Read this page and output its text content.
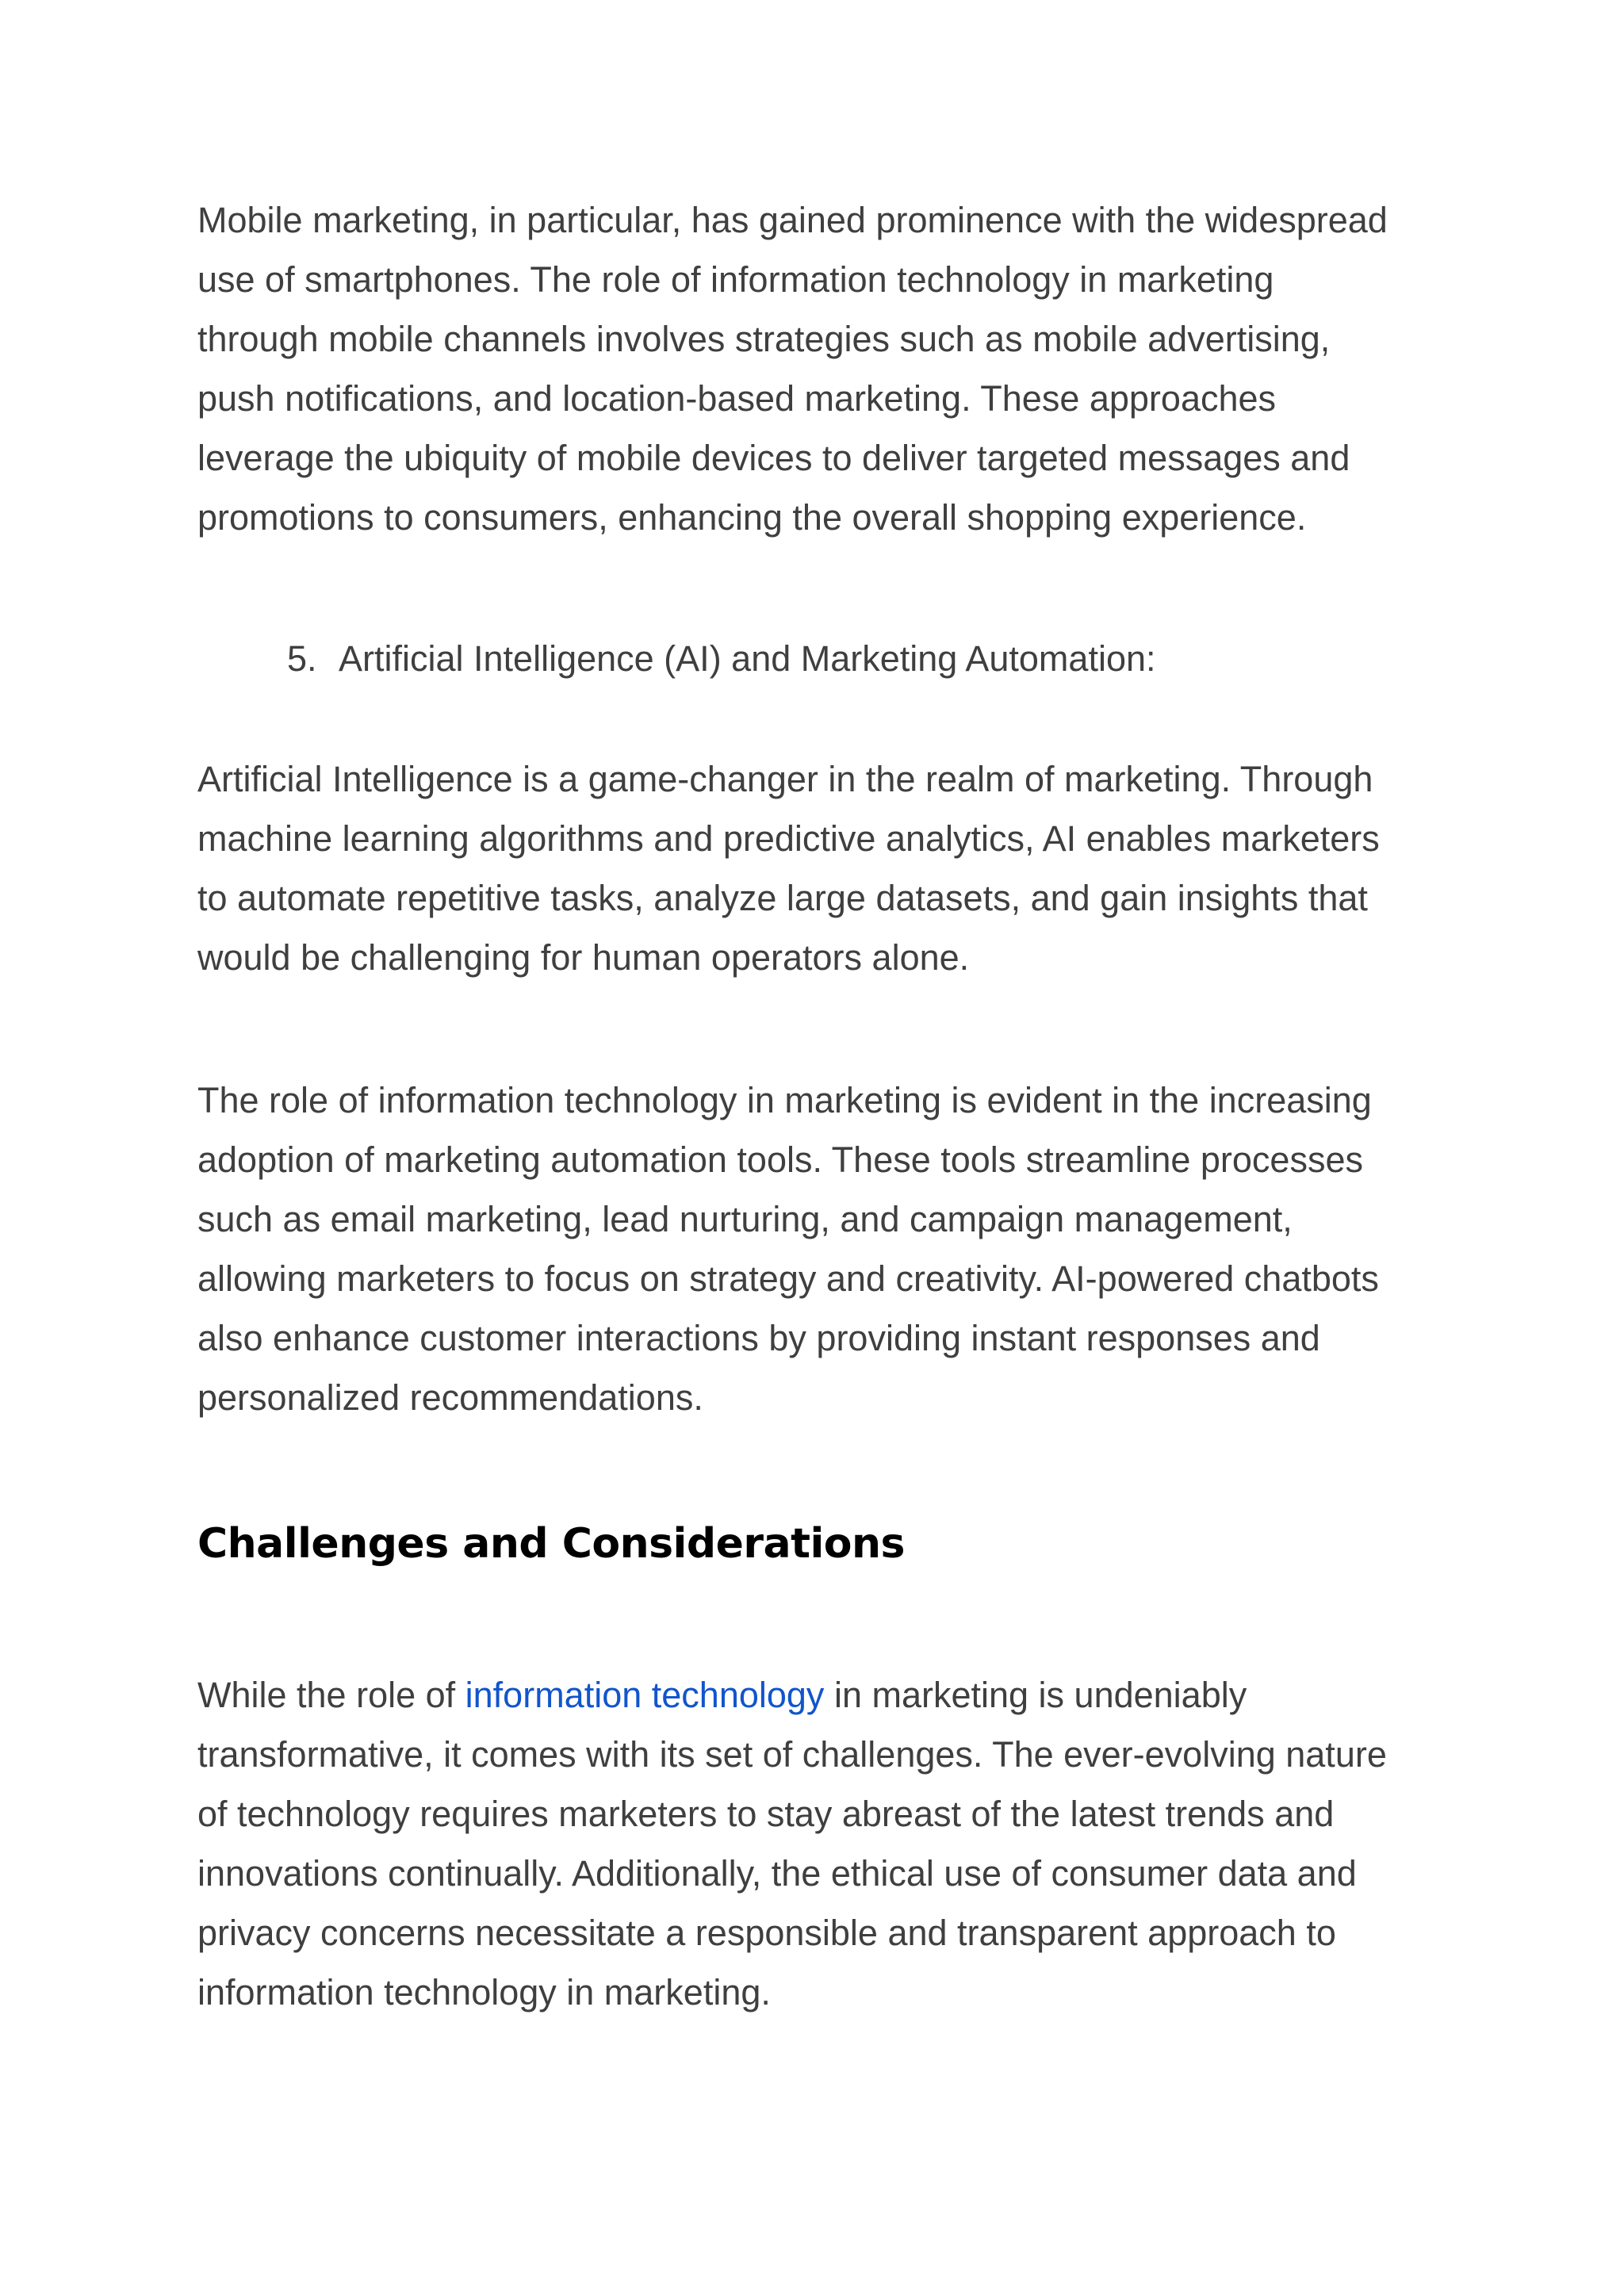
Mobile marketing, in particular, has gained prominence with the widespread
use of smartphones. The role of information technology in marketing
through mobile channels involves strategies such as mobile advertising,
push notifications, and location-based marketing. These approaches
leverage the ubiquity of mobile devices to deliver targeted messages and
promotions to consumers, enhancing the overall shopping experience.

5. Artificial Intelligence (AI) and Marketing Automation:

Artificial Intelligence is a game-changer in the realm of marketing. Through
machine learning algorithms and predictive analytics, AI enables marketers
to automate repetitive tasks, analyze large datasets, and gain insights that
would be challenging for human operators alone.

The role of information technology in marketing is evident in the increasing
adoption of marketing automation tools. These tools streamline processes
such as email marketing, lead nurturing, and campaign management,
allowing marketers to focus on strategy and creativity. AI-powered chatbots
also enhance customer interactions by providing instant responses and
personalized recommendations.

Challenges and Considerations

While the role of information technology in marketing is undeniably
transformative, it comes with its set of challenges. The ever-evolving nature
of technology requires marketers to stay abreast of the latest trends and
innovations continually. Additionally, the ethical use of consumer data and
privacy concerns necessitate a responsible and transparent approach to
information technology in marketing.
